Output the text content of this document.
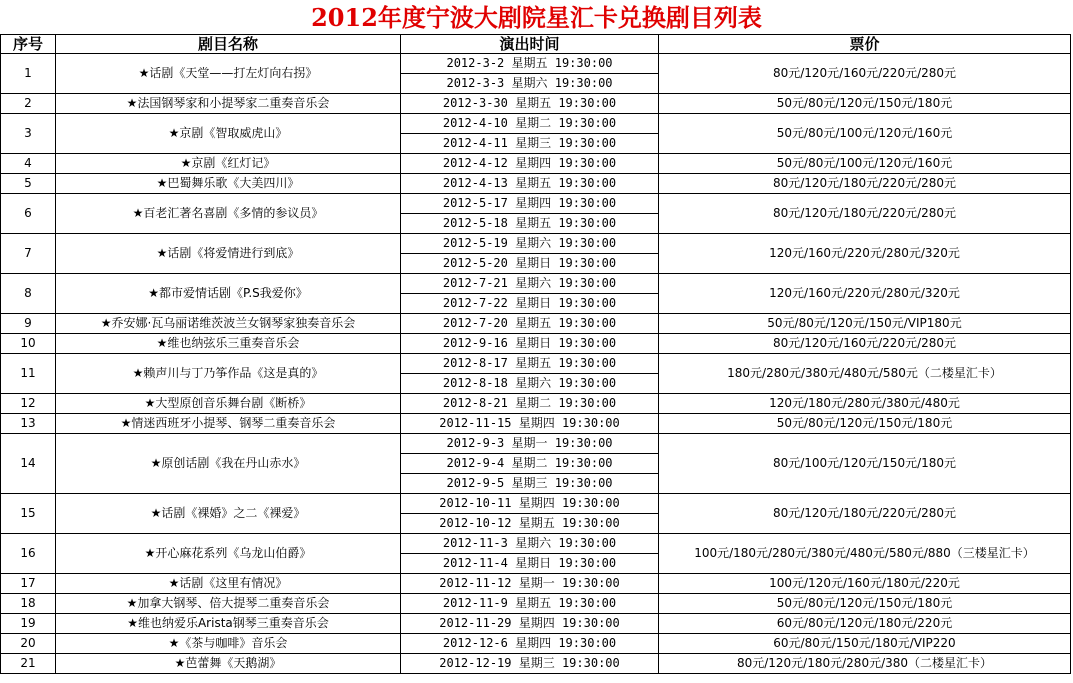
2012年度宁波大剧院星汇卡兑换剧目列表
序号	剧目名称	演出时间	票价
1	★话剧《天堂——打左灯向右拐》	2012-3-2 星期五 19:30:00	80元/120元/160元/220元/280元
		2012-3-3 星期六 19:30:00	
2	★法国钢琴家和小提琴家二重奏音乐会	2012-3-30 星期五 19:30:00	50元/80元/120元/150元/180元
3	★京剧《智取威虎山》	2012-4-10 星期二 19:30:00	50元/80元/100元/120元/160元
		2012-4-11 星期三 19:30:00	
4	★京剧《红灯记》	2012-4-12 星期四 19:30:00	50元/80元/100元/120元/160元
5	★巴蜀舞乐歌《大美四川》	2012-4-13 星期五 19:30:00	80元/120元/180元/220元/280元
6	★百老汇著名喜剧《多情的参议员》	2012-5-17 星期四 19:30:00	80元/120元/180元/220元/280元
		2012-5-18 星期五 19:30:00	
7	★话剧《将爱情进行到底》	2012-5-19 星期六 19:30:00	120元/160元/220元/280元/320元
		2012-5-20 星期日 19:30:00	
8	★都市爱情话剧《P.S我爱你》	2012-7-21 星期六 19:30:00	120元/160元/220元/280元/320元
		2012-7-22 星期日 19:30:00	
9	★乔安娜·瓦乌丽诺维茨波兰女钢琴家独奏音乐会	2012-7-20 星期五 19:30:00	50元/80元/120元/150元/VIP180元
10	★维也纳弦乐三重奏音乐会	2012-9-16 星期日 19:30:00	80元/120元/160元/220元/280元
11	★赖声川与丁乃筝作品《这是真的》	2012-8-17 星期五 19:30:00	180元/280元/380元/480元/580元（二楼星汇卡）
		2012-8-18 星期六 19:30:00	
12	★大型原创音乐舞台剧《断桥》	2012-8-21 星期二 19:30:00	120元/180元/280元/380元/480元
13	★情迷西班牙小提琴、钢琴二重奏音乐会	2012-11-15 星期四 19:30:00	50元/80元/120元/150元/180元
14	★原创话剧《我在丹山赤水》	2012-9-3 星期一 19:30:00	80元/100元/120元/150元/180元
		2012-9-4 星期二 19:30:00	
		2012-9-5 星期三 19:30:00	
15	★话剧《裸婚》之二《裸爱》	2012-10-11 星期四 19:30:00	80元/120元/180元/220元/280元
		2012-10-12 星期五 19:30:00	
16	★开心麻花系列《乌龙山伯爵》	2012-11-3 星期六 19:30:00	100元/180元/280元/380元/480元/580元/880（三楼星汇卡）
		2012-11-4 星期日 19:30:00	
17	★话剧《这里有情况》	2012-11-12 星期一 19:30:00	100元/120元/160元/180元/220元
18	★加拿大钢琴、倍大提琴二重奏音乐会	2012-11-9 星期五 19:30:00	50元/80元/120元/150元/180元
19	★维也纳爱乐Arista钢琴三重奏音乐会	2012-11-29 星期四 19:30:00	60元/80元/120元/180元/220元
20	★《茶与咖啡》音乐会	2012-12-6 星期四 19:30:00	60元/80元/150元/180元/VIP220
21	★芭蕾舞《天鹅湖》	2012-12-19 星期三 19:30:00	80元/120元/180元/280元/380（二楼星汇卡）
